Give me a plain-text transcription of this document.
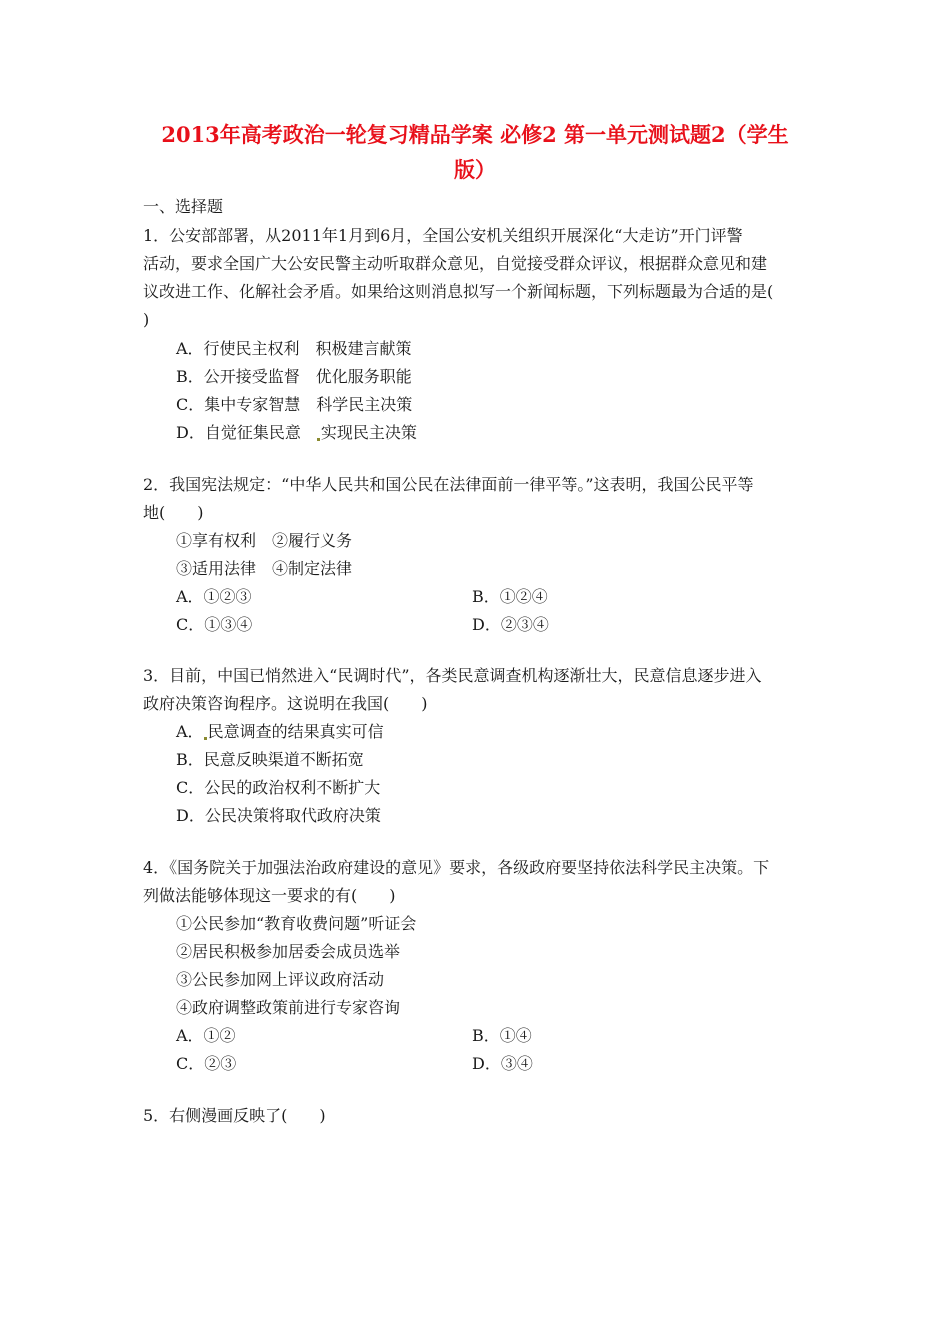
2013年高考政治一轮复习精品学案 必修2 第一单元测试题2（学生
版）
一、选择题
1．公安部部署，从2011年1月到6月，全国公安机关组织开展深化“大走访”开门评警
活动，要求全国广大公安民警主动听取群众意见，自觉接受群众评议，根据群众意见和建
议改进工作、化解社会矛盾。如果给这则消息拟写一个新闻标题，下列标题最为合适的是(
)
A．行使民主权利　积极建言献策
B．公开接受监督　优化服务职能
C．集中专家智慧　科学民主决策
D．自觉征集民意　实现民主决策
2．我国宪法规定：“中华人民共和国公民在法律面前一律平等。”这表明，我国公民平等
地(　　)
①享有权利　②履行义务
③适用法律　④制定法律
A．①②③	B．①②④
C．①③④	D．②③④
3．目前，中国已悄然进入“民调时代”，各类民意调查机构逐渐壮大，民意信息逐步进入
政府决策咨询程序。这说明在我国(　　)
A． 民意调查的结果真实可信
B．民意反映渠道不断拓宽
C．公民的政治权利不断扩大
D．公民决策将取代政府决策
4．《国务院关于加强法治政府建设的意见》要求，各级政府要坚持依法科学民主决策。下
列做法能够体现这一要求的有(　　)
①公民参加“教育收费问题”听证会
②居民积极参加居委会成员选举
③公民参加网上评议政府活动
④政府调整政策前进行专家咨询
A．①②	B．①④
C．②③	D．③④
5．右侧漫画反映了(　　)
